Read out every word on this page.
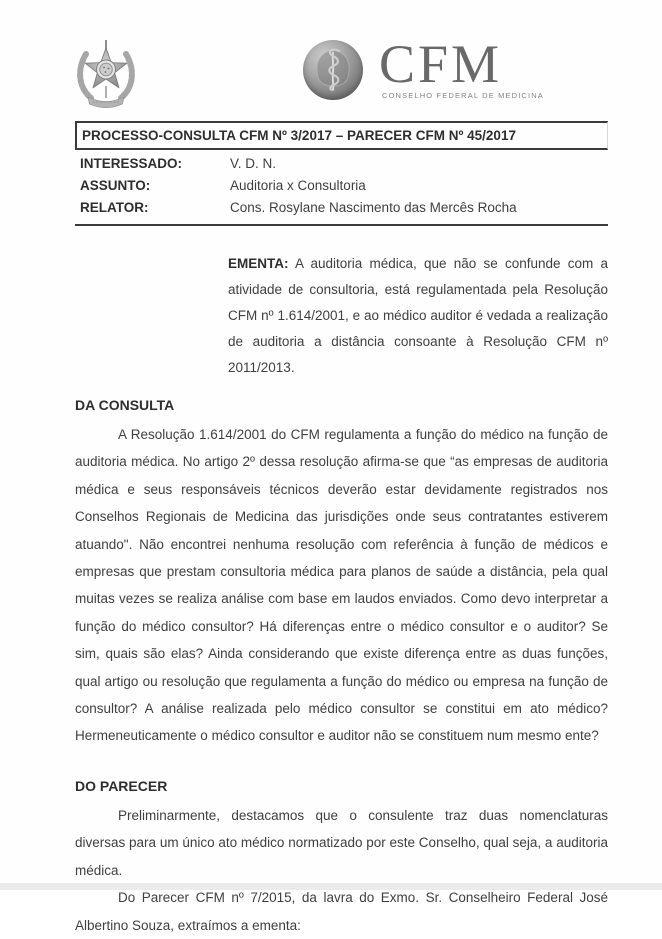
CFM
CONSELHO FEDERAL DE MEDICINA
PROCESSO-CONSULTA CFM Nº 3/2017 – PARECER CFM Nº 45/2017
INTERESSADO:	V. D. N.
ASSUNTO:	Auditoria x Consultoria
RELATOR:	Cons. Rosylane Nascimento das Mercês Rocha

EMENTA: A auditoria médica, que não se confunde com a atividade de consultoria, está regulamentada pela Resolução CFM nº 1.614/2001, e ao médico auditor é vedada a realização de auditoria a distância consoante à Resolução CFM nº 2011/2013.

DA CONSULTA

A Resolução 1.614/2001 do CFM regulamenta a função do médico na função de auditoria médica. No artigo 2º dessa resolução afirma-se que “as empresas de auditoria médica e seus responsáveis técnicos deverão estar devidamente registrados nos Conselhos Regionais de Medicina das jurisdições onde seus contratantes estiverem atuando". Não encontrei nenhuma resolução com referência à função de médicos e empresas que prestam consultoria médica para planos de saúde a distância, pela qual muitas vezes se realiza análise com base em laudos enviados. Como devo interpretar a função do médico consultor? Há diferenças entre o médico consultor e o auditor? Se sim, quais são elas? Ainda considerando que existe diferença entre as duas funções, qual artigo ou resolução que regulamenta a função do médico ou empresa na função de consultor? A análise realizada pelo médico consultor se constitui em ato médico? Hermeneuticamente o médico consultor e auditor não se constituem num mesmo ente?

DO PARECER

Preliminarmente, destacamos que o consulente traz duas nomenclaturas diversas para um único ato médico normatizado por este Conselho, qual seja, a auditoria médica.

Do Parecer CFM nº 7/2015, da lavra do Exmo. Sr. Conselheiro Federal José Albertino Souza, extraímos a ementa:
